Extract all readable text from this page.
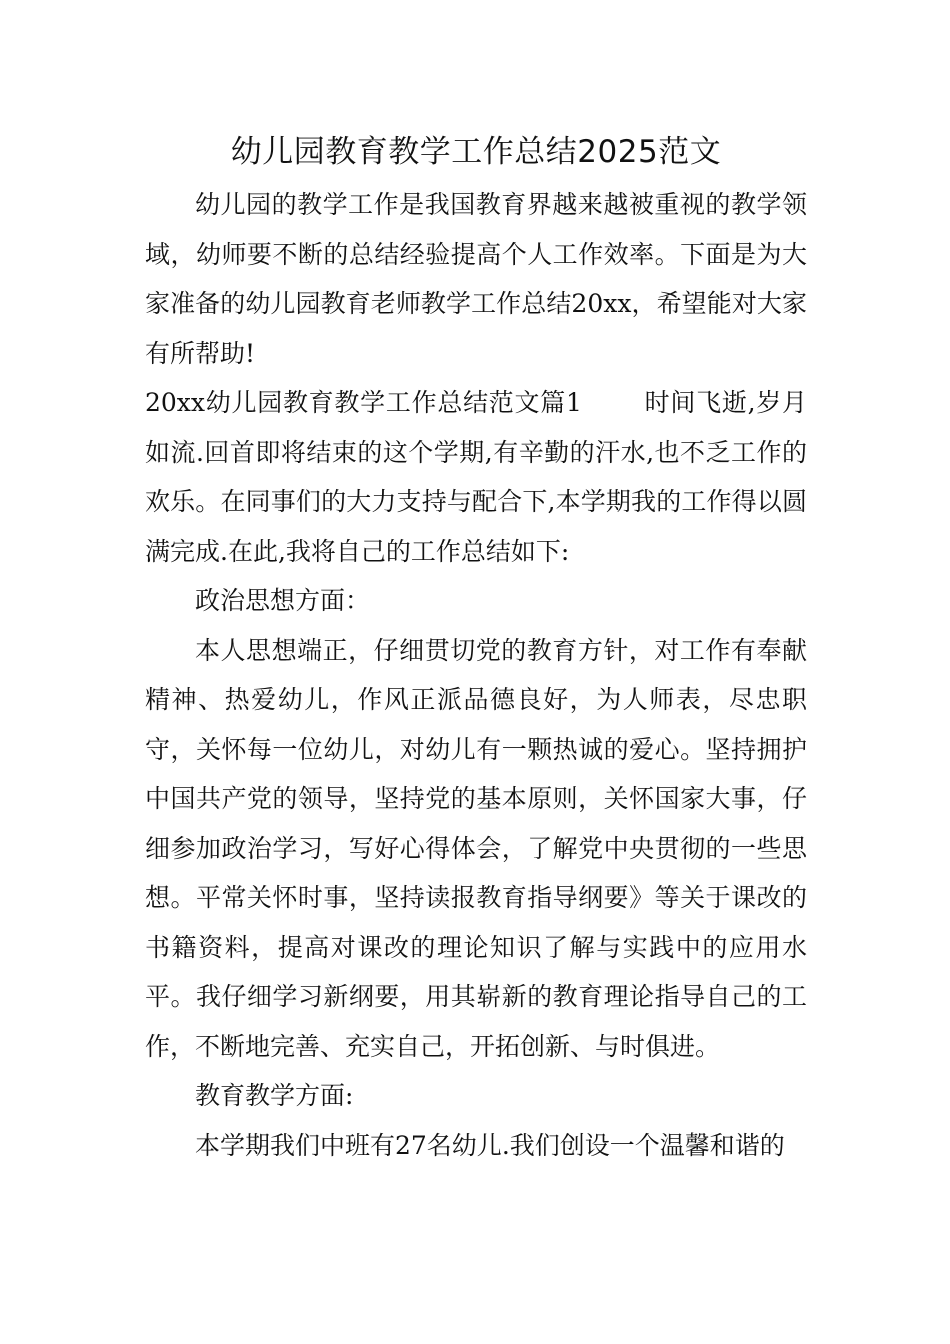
幼儿园教育教学工作总结2025范文

幼儿园的教学工作是我国教育界越来越被重视的教学领域，幼师要不断的总结经验提高个人工作效率。下面是为大家准备的幼儿园教育老师教学工作总结20xx，希望能对大家有所帮助!

20xx幼儿园教育教学工作总结范文篇1 时间飞逝,岁月如流.回首即将结束的这个学期,有辛勤的汗水,也不乏工作的欢乐。在同事们的大力支持与配合下,本学期我的工作得以圆满完成.在此,我将自己的工作总结如下:

政治思想方面：

本人思想端正，仔细贯切党的教育方针，对工作有奉献精神、热爱幼儿，作风正派品德良好，为人师表，尽忠职守，关怀每一位幼儿，对幼儿有一颗热诚的爱心。坚持拥护中国共产党的领导，坚持党的基本原则，关怀国家大事，仔细参加政治学习，写好心得体会，了解党中央贯彻的一些思想。平常关怀时事，坚持读报教育指导纲要》等关于课改的书籍资料，提高对课改的理论知识了解与实践中的应用水平。我仔细学习新纲要，用其崭新的教育理论指导自己的工作，不断地完善、充实自己，开拓创新、与时俱进。

教育教学方面:

本学期我们中班有27名幼儿.我们创设一个温馨和谐的
